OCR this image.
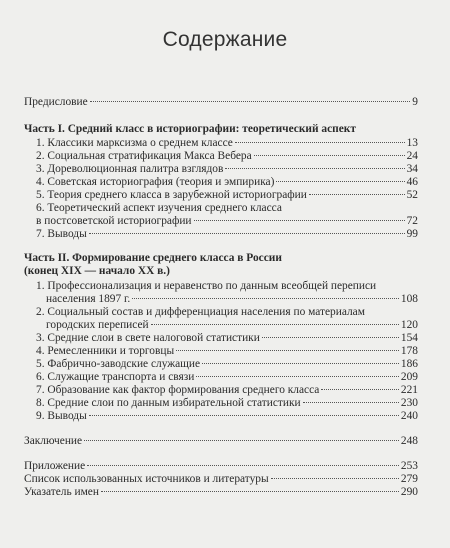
Содержание
Предисловие	9
Часть I. Средний класс в историографии: теоретический аспект
1. Классики марксизма о среднем классе	13
2. Социальная стратификация Макса Вебера	24
3. Дореволюционная палитра взглядов	34
4. Советская историография (теория и эмпирика)	46
5. Теория среднего класса в зарубежной историографии	52
6. Теоретический аспект изучения среднего класса
в постсоветской историографии	72
7. Выводы	99
Часть II. Формирование среднего класса в России
(конец XIX — начало XX в.)
1. Профессионализация и неравенство по данным всеобщей переписи
населения 1897 г.	108
2. Социальный состав и дифференциация населения по материалам
городских переписей	120
3. Средние слои в свете налоговой статистики	154
4. Ремесленники и торговцы	178
5. Фабрично-заводские служащие	186
6. Служащие транспорта и связи	209
7. Образование как фактор формирования среднего класса	221
8. Средние слои по данным избирательной статистики	230
9. Выводы	240
Заключение	248
Приложение	253
Список использованных источников и литературы	279
Указатель имен	290
